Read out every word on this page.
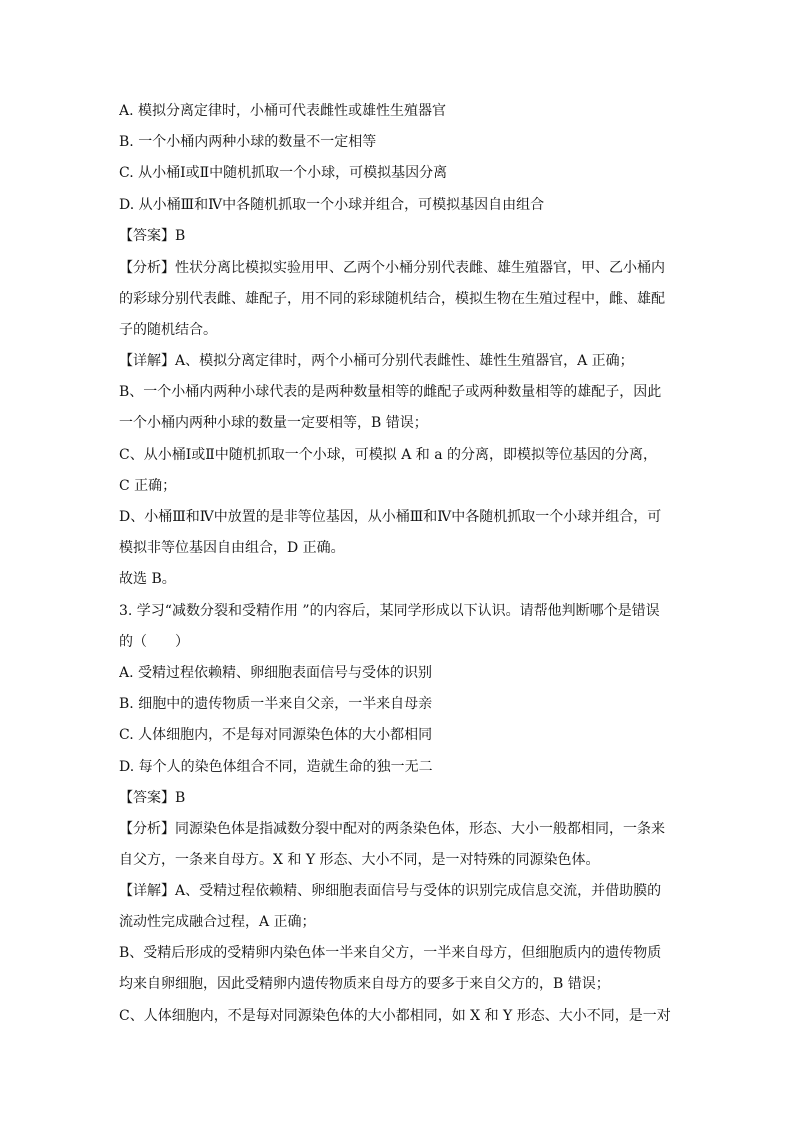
A. 模拟分离定律时，小桶可代表雌性或雄性生殖器官
B. 一个小桶内两种小球的数量不一定相等
C. 从小桶Ⅰ或Ⅱ中随机抓取一个小球，可模拟基因分离
D. 从小桶Ⅲ和Ⅳ中各随机抓取一个小球并组合，可模拟基因自由组合
【答案】B
【分析】性状分离比模拟实验用甲、乙两个小桶分别代表雌、雄生殖器官，甲、乙小桶内
的彩球分别代表雌、雄配子，用不同的彩球随机结合，模拟生物在生殖过程中，雌、雄配
子的随机结合。
【详解】A、模拟分离定律时，两个小桶可分别代表雌性、雄性生殖器官，A 正确；
B、一个小桶内两种小球代表的是两种数量相等的雌配子或两种数量相等的雄配子，因此
一个小桶内两种小球的数量一定要相等，B 错误；
C、从小桶Ⅰ或Ⅱ中随机抓取一个小球，可模拟 A 和 a 的分离，即模拟等位基因的分离，
C 正确；
D、小桶Ⅲ和Ⅳ中放置的是非等位基因，从小桶Ⅲ和Ⅳ中各随机抓取一个小球并组合，可
模拟非等位基因自由组合，D 正确。
故选 B。
3. 学习“减数分裂和受精作用 ”的内容后，某同学形成以下认识。请帮他判断哪个是错误
的（　　）
A. 受精过程依赖精、卵细胞表面信号与受体的识别
B. 细胞中的遗传物质一半来自父亲，一半来自母亲
C. 人体细胞内，不是每对同源染色体的大小都相同
D. 每个人的染色体组合不同，造就生命的独一无二
【答案】B
【分析】同源染色体是指减数分裂中配对的两条染色体，形态、大小一般都相同，一条来
自父方，一条来自母方。X 和 Y 形态、大小不同，是一对特殊的同源染色体。
【详解】A、受精过程依赖精、卵细胞表面信号与受体的识别完成信息交流，并借助膜的
流动性完成融合过程，A 正确；
B、受精后形成的受精卵内染色体一半来自父方，一半来自母方，但细胞质内的遗传物质
均来自卵细胞，因此受精卵内遗传物质来自母方的要多于来自父方的，B 错误；
C、人体细胞内，不是每对同源染色体的大小都相同，如 X 和 Y 形态、大小不同，是一对
